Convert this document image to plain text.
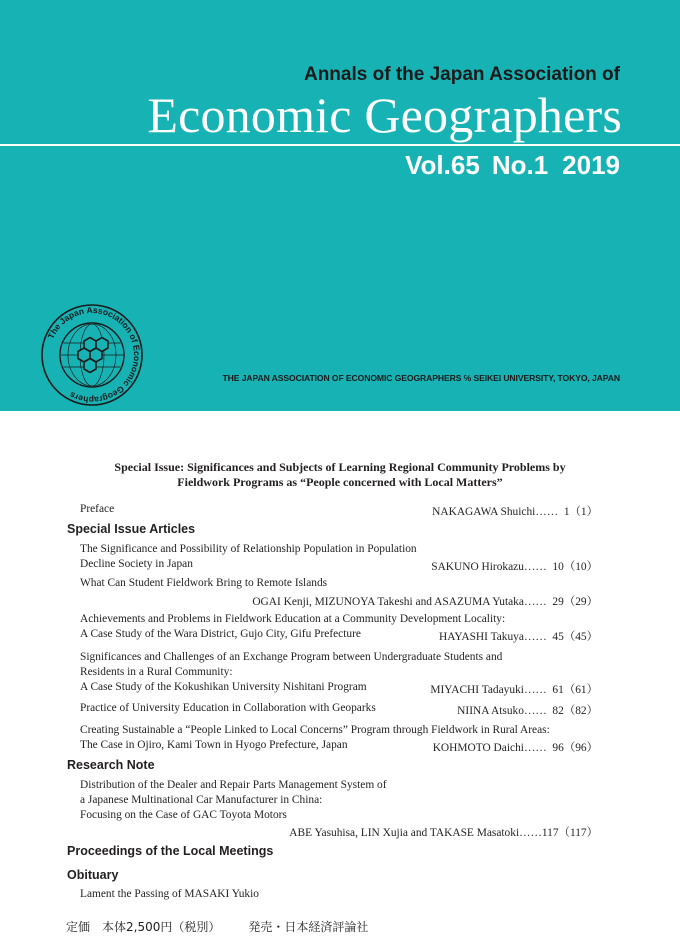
Annals of the Japan Association of
Economic Geographers
Vol.65 No.1 2019
The Japan Association of Economic Geographers
THE JAPAN ASSOCIATION OF ECONOMIC GEOGRAPHERS ℅ SEIKEI UNIVERSITY, TOKYO, JAPAN
Special Issue: Significances and Subjects of Learning Regional Community Problems by
Fieldwork Programs as “People concerned with Local Matters”
Preface	NAKAGAWA Shuichi…… 1（1）
Special Issue Articles
The Significance and Possibility of Relationship Population in Population
Decline Society in Japan	SAKUNO Hirokazu…… 10（10）
What Can Student Fieldwork Bring to Remote Islands
OGAI Kenji, MIZUNOYA Takeshi and ASAZUMA Yutaka…… 29（29）
Achievements and Problems in Fieldwork Education at a Community Development Locality:
A Case Study of the Wara District, Gujo City, Gifu Prefecture	HAYASHI Takuya…… 45（45）
Significances and Challenges of an Exchange Program between Undergraduate Students and
Residents in a Rural Community:
A Case Study of the Kokushikan University Nishitani Program	MIYACHI Tadayuki…… 61（61）
Practice of University Education in Collaboration with Geoparks	NIINA Atsuko…… 82（82）
Creating Sustainable a “People Linked to Local Concerns” Program through Fieldwork in Rural Areas:
The Case in Ojiro, Kami Town in Hyogo Prefecture, Japan	KOHMOTO Daichi…… 96（96）
Research Note
Distribution of the Dealer and Repair Parts Management System of
a Japanese Multinational Car Manufacturer in China:
Focusing on the Case of GAC Toyota Motors
ABE Yasuhisa, LIN Xujia and TAKASE Masatoki……117（117）
Proceedings of the Local Meetings
Obituary
Lament the Passing of MASAKI Yukio
定価　本体2,500円（税別） 発売・日本経済評論社
